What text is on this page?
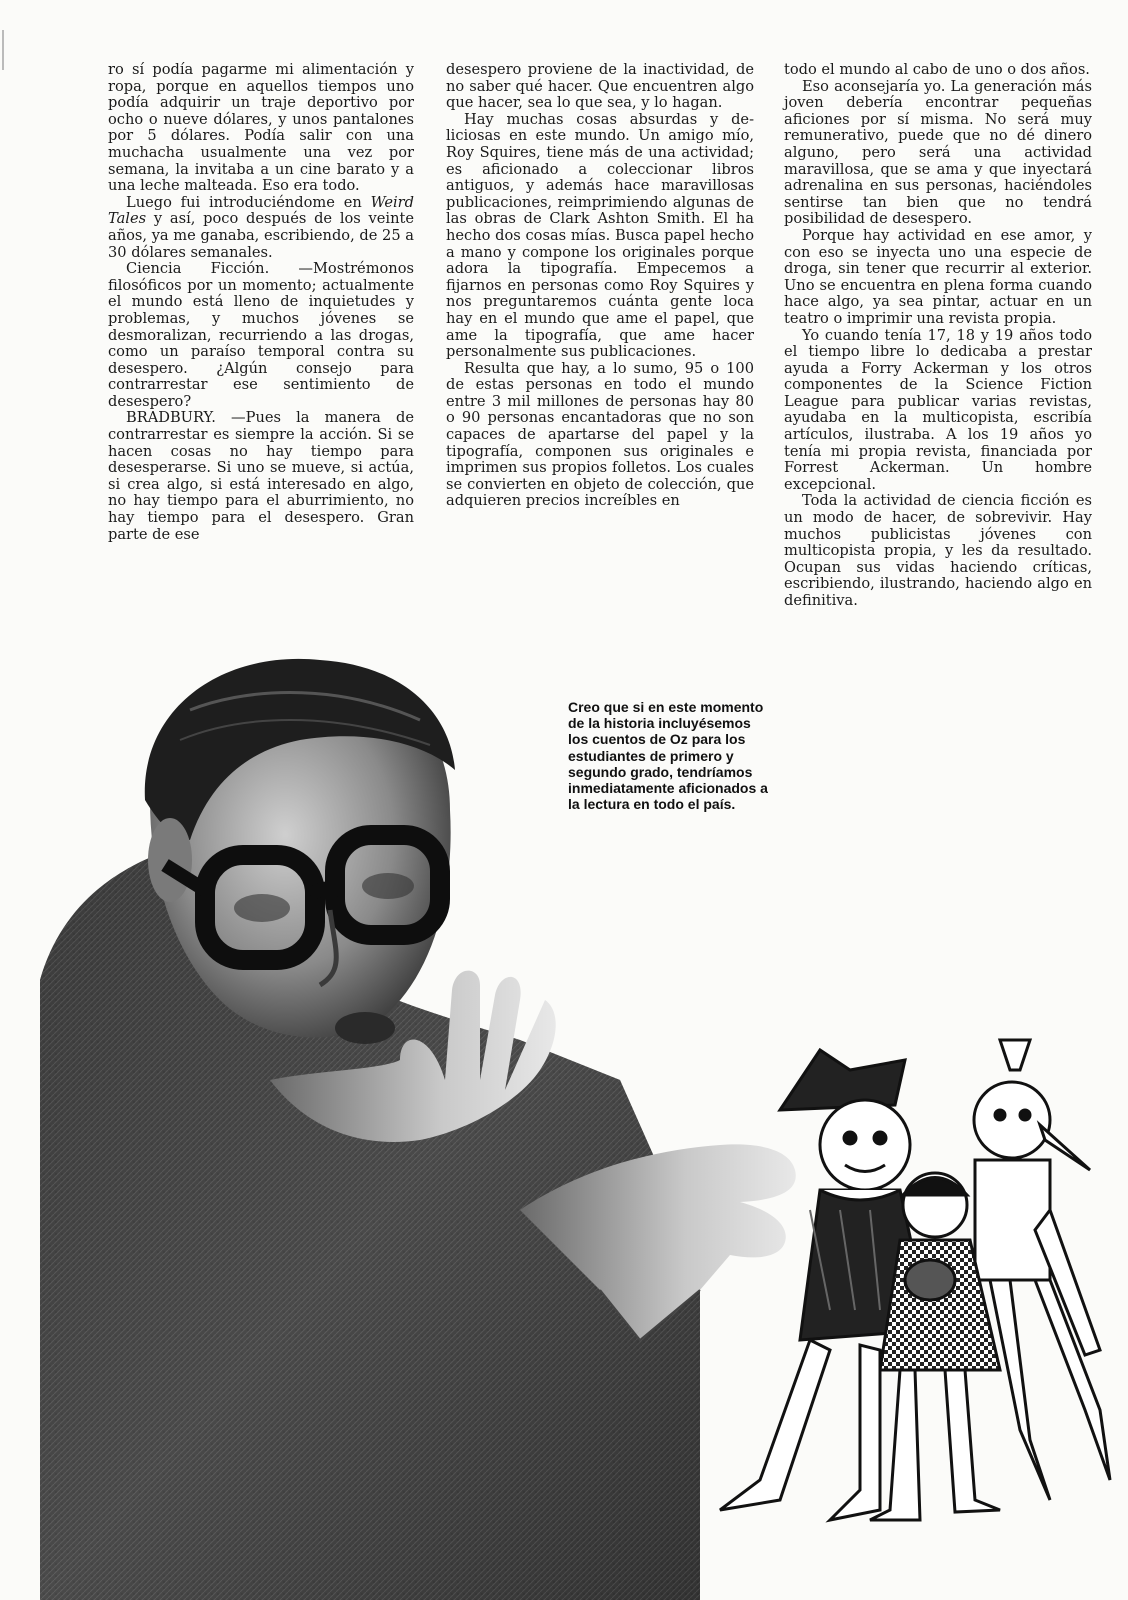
ro sí podía pagarme mi alimentación y ropa, porque en aquellos tiempos uno podía adquirir un traje deportivo por ocho o nueve dólares, y unos pantalones por 5 dólares. Podía salir con una muchacha usualmente una vez por semana, la invitaba a un cine barato y a una leche malteada. Eso era todo.

Luego fui introduciéndome en Weird Tales y así, poco después de los veinte años, ya me ganaba, escribiendo, de 25 a 30 dólares semanales.

Ciencia Ficción. —Mostrémonos filosóficos por un momento; actualmente el mundo está lleno de inquietudes y problemas, y muchos jóvenes se desmoralizan, recurriendo a las drogas, como un paraíso temporal contra su desespero. ¿Algún consejo para contrarrestar ese sentimiento de desespero?

BRADBURY. —Pues la manera de contrarrestar es siempre la acción. Si se hacen cosas no hay tiempo para desesperarse. Si uno se mueve, si actúa, si crea algo, si está interesado en algo, no hay tiempo para el aburrimiento, no hay tiempo para el desespero. Gran parte de ese

desespero proviene de la inactividad, de no saber qué hacer. Que encuentren algo que hacer, sea lo que sea, y lo hagan.

Hay muchas cosas absurdas y deliciosas en este mundo. Un amigo mío, Roy Squires, tiene más de una actividad; es aficionado a coleccionar libros antiguos, y además hace maravillosas publicaciones, reimprimiendo algunas de las obras de Clark Ashton Smith. El ha hecho dos cosas mías. Busca papel hecho a mano y compone los originales porque adora la tipografía. Empecemos a fijarnos en personas como Roy Squires y nos preguntaremos cuánta gente loca hay en el mundo que ame el papel, que ame la tipografía, que ame hacer personalmente sus publicaciones.

Resulta que hay, a lo sumo, 95 o 100 de estas personas en todo el mundo entre 3 mil millones de personas hay 80 o 90 personas encantadoras que no son capaces de apartarse del papel y la tipografía, componen sus originales e imprimen sus propios folletos. Los cuales se convierten en objeto de colección, que adquieren precios increíbles en

todo el mundo al cabo de uno o dos años.

Eso aconsejaría yo. La generación más joven debería encontrar pequeñas aficiones por sí misma. No será muy remunerativo, puede que no dé dinero alguno, pero será una actividad maravillosa, que se ama y que inyectará adrenalina en sus personas, haciéndoles sentirse tan bien que no tendrá posibilidad de desespero.

Porque hay actividad en ese amor, y con eso se inyecta uno una especie de droga, sin tener que recurrir al exterior. Uno se encuentra en plena forma cuando hace algo, ya sea pintar, actuar en un teatro o imprimir una revista propia.

Yo cuando tenía 17, 18 y 19 años todo el tiempo libre lo dedicaba a prestar ayuda a Forry Ackerman y los otros componentes de la Science Fiction League para publicar varias revistas, ayudaba en la multicopista, escribía artículos, ilustraba. A los 19 años yo tenía mi propia revista, financiada por Forrest Ackerman. Un hombre excepcional.

Toda la actividad de ciencia ficción es un modo de hacer, de sobrevivir. Hay muchos publicistas jóvenes con multicopista propia, y les da resultado. Ocupan sus vidas haciendo críticas, escribiendo, ilustrando, haciendo algo en definitiva.

Creo que si en este momento de la historia incluyésemos los cuentos de Oz para los estudiantes de primero y segundo grado, tendríamos inmediatamente aficionados a la lectura en todo el país.
